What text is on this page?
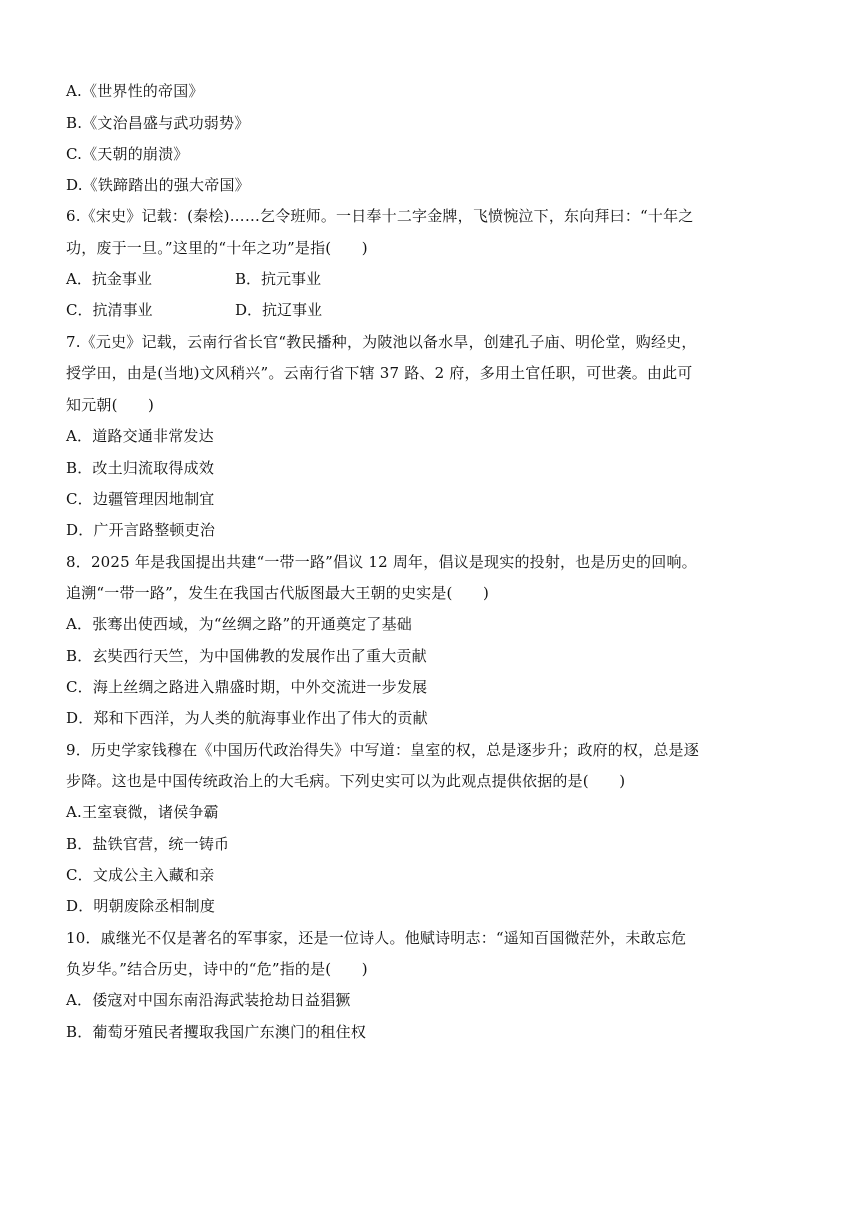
A.《世界性的帝国》
B.《文治昌盛与武功弱势》
C.《天朝的崩溃》
D.《铁蹄踏出的强大帝国》
6.《宋史》记载：(秦桧)……乞令班师。一日奉十二字金牌，飞愤惋泣下，东向拜曰：“十年之
功，废于一旦。”这里的“十年之功”是指(　　)
A．抗金事业	B．抗元事业
C．抗清事业	D．抗辽事业
7.《元史》记载，云南行省长官“教民播种，为陂池以备水旱，创建孔子庙、明伦堂，购经史，
授学田，由是(当地)文风稍兴”。云南行省下辖 37 路、2 府，多用土官任职，可世袭。由此可
知元朝(　　)
A．道路交通非常发达
B．改土归流取得成效
C．边疆管理因地制宜
D．广开言路整顿吏治
8．2025 年是我国提出共建“一带一路”倡议 12 周年，倡议是现实的投射，也是历史的回响。
追溯“一带一路”，发生在我国古代版图最大王朝的史实是(　　)
A．张骞出使西域，为“丝绸之路”的开通奠定了基础
B．玄奘西行天竺，为中国佛教的发展作出了重大贡献
C．海上丝绸之路进入鼎盛时期，中外交流进一步发展
D．郑和下西洋，为人类的航海事业作出了伟大的贡献
9．历史学家钱穆在《中国历代政治得失》中写道：皇室的权，总是逐步升；政府的权，总是逐
步降。这也是中国传统政治上的大毛病。下列史实可以为此观点提供依据的是(　　)
A.王室衰微，诸侯争霸
B．盐铁官营，统一铸币
C．文成公主入藏和亲
D．明朝废除丞相制度
10．戚继光不仅是著名的军事家，还是一位诗人。他赋诗明志：“遥知百国微茫外，未敢忘危
负岁华。”结合历史，诗中的“危”指的是(　　)
A．倭寇对中国东南沿海武装抢劫日益猖獗
B．葡萄牙殖民者攫取我国广东澳门的租住权
